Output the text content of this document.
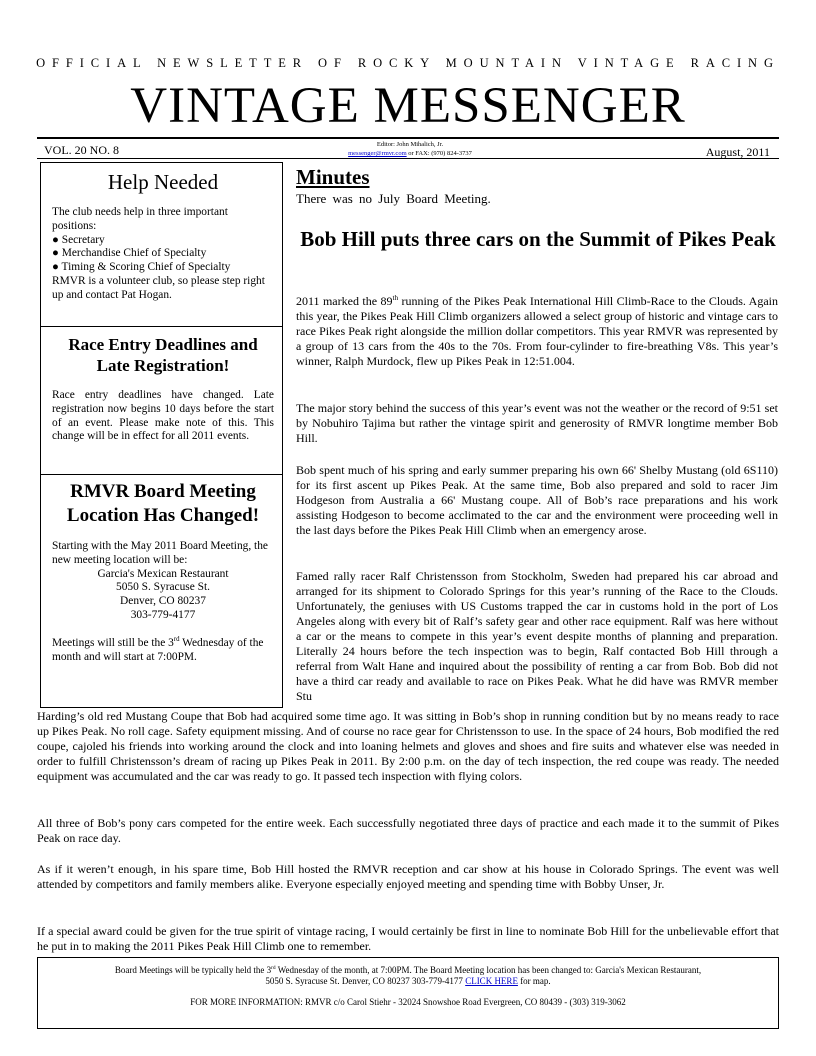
OFFICIAL NEWSLETTER OF ROCKY MOUNTAIN VINTAGE RACING
VINTAGE MESSENGER
VOL. 20 NO. 8	Editor: John Mihalich, Jr.
messenger@rmvr.com or FAX: (970) 824-3737	August, 2011
Help Needed

The club needs help in three important positions:

● Secretary

● Merchandise Chief of Specialty

● Timing & Scoring Chief of Specialty

RMVR is a volunteer club, so please step right up and contact Pat Hogan.

Race Entry Deadlines and Late Registration!
Race entry deadlines have changed. Late registration now begins 10 days before the start of an event. Please make note of this. This change will be in effect for all 2011 events.
RMVR Board Meeting Location Has Changed!

Starting with the May 2011 Board Meeting, the new meeting location will be:

Garcia's Mexican Restaurant

5050 S. Syracuse St.

Denver, CO 80237

303-779-4177

Meetings will still be the 3rd Wednesday of the month and will start at 7:00PM.

Minutes
There was no July Board Meeting.
Bob Hill puts three cars on the Summit of Pikes Peak

2011 marked the 89th running of the Pikes Peak International Hill Climb-Race to the Clouds. Again this year, the Pikes Peak Hill Climb organizers allowed a select group of historic and vintage cars to race Pikes Peak right alongside the million dollar competitors. This year RMVR was represented by a group of 13 cars from the 40s to the 70s. From four-cylinder to fire-breathing V8s. This year’s winner, Ralph Murdock, flew up Pikes Peak in 12:51.004.

The major story behind the success of this year’s event was not the weather or the record of 9:51 set by Nobuhiro Tajima but rather the vintage spirit and generosity of RMVR longtime member Bob Hill.

Bob spent much of his spring and early summer preparing his own 66' Shelby Mustang (old 6S110) for its first ascent up Pikes Peak. At the same time, Bob also prepared and sold to racer Jim Hodgeson from Australia a 66' Mustang coupe. All of Bob’s race preparations and his work assisting Hodgeson to become acclimated to the car and the environment were proceeding well in the last days before the Pikes Peak Hill Climb when an emergency arose.

Famed rally racer Ralf Christensson from Stockholm, Sweden had prepared his car abroad and arranged for its shipment to Colorado Springs for this year’s running of the Race to the Clouds. Unfortunately, the geniuses with US Customs trapped the car in customs hold in the port of Los Angeles along with every bit of Ralf’s safety gear and other race equipment. Ralf was here without a car or the means to compete in this year’s event despite months of planning and preparation. Literally 24 hours before the tech inspection was to begin, Ralf contacted Bob Hill through a referral from Walt Hane and inquired about the possibility of renting a car from Bob. Bob did not have a third car ready and available to race on Pikes Peak. What he did have was RMVR member Stu

Harding’s old red Mustang Coupe that Bob had acquired some time ago. It was sitting in Bob’s shop in running condition but by no means ready to race up Pikes Peak. No roll cage. Safety equipment missing. And of course no race gear for Christensson to use. In the space of 24 hours, Bob modified the red coupe, cajoled his friends into working around the clock and into loaning helmets and gloves and shoes and fire suits and whatever else was needed in order to fulfill Christensson’s dream of racing up Pikes Peak in 2011. By 2:00 p.m. on the day of tech inspection, the red coupe was ready. The needed equipment was accumulated and the car was ready to go. It passed tech inspection with flying colors.

All three of Bob’s pony cars competed for the entire week. Each successfully negotiated three days of practice and each made it to the summit of Pikes Peak on race day.

As if it weren’t enough, in his spare time, Bob Hill hosted the RMVR reception and car show at his house in Colorado Springs. The event was well attended by competitors and family members alike. Everyone especially enjoyed meeting and spending time with Bobby Unser, Jr.

If a special award could be given for the true spirit of vintage racing, I would certainly be first in line to nominate Bob Hill for the unbelievable effort that he put in to making the 2011 Pikes Peak Hill Climb one to remember.

Board Meetings will be typically held the 3rd Wednesday of the month, at 7:00PM. The Board Meeting location has been changed to: Garcia's Mexican Restaurant,
5050 S. Syracuse St. Denver, CO 80237 303-779-4177 CLICK HERE for map.
FOR MORE INFORMATION: RMVR c/o Carol Stiehr - 32024 Snowshoe Road Evergreen, CO 80439 - (303) 319-3062
